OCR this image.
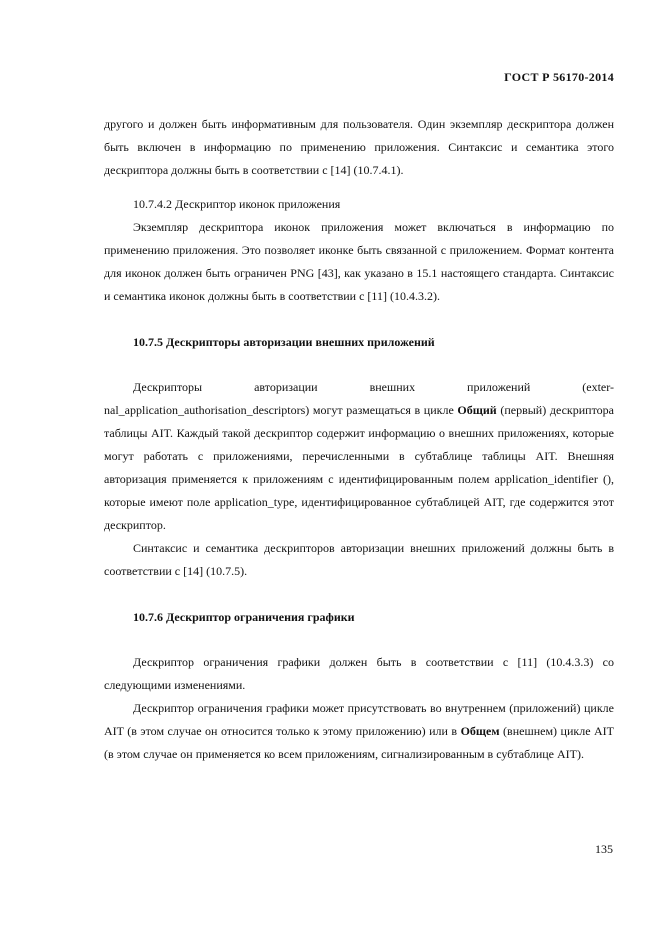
ГОСТ Р 56170-2014

другого и должен быть информативным для пользователя. Один экземпляр дескриптора должен быть включен в информацию по применению приложения. Синтаксис и семантика этого дескриптора должны быть в соответствии с [14] (10.7.4.1).

10.7.4.2 Дескриптор иконок приложения

Экземпляр дескриптора иконок приложения может включаться в информацию по применению приложения. Это позволяет иконке быть связанной с приложением. Формат контента для иконок должен быть ограничен PNG [43], как указано в 15.1 настоящего стандарта. Синтаксис и семантика иконок должны быть в соответствии с [11] (10.4.3.2).

10.7.5 Дескрипторы авторизации внешних приложений

Дескрипторы авторизации внешних приложений (exter-

nal_application_authorisation_descriptors) могут размещаться в цикле Общий (первый) дескриптора таблицы AIT. Каждый такой дескриптор содержит информацию о внешних приложениях, которые могут работать с приложениями, перечисленными в субтаблице таблицы AIT. Внешняя авторизация применяется к приложениям с идентифицированным полем application_identifier (), которые имеют поле application_type, идентифицированное субтаблицей AIT, где содержится этот дескриптор.

Синтаксис и семантика дескрипторов авторизации внешних приложений должны быть в соответствии с [14] (10.7.5).

10.7.6 Дескриптор ограничения графики

Дескриптор ограничения графики должен быть в соответствии с [11] (10.4.3.3) со следующими изменениями.

Дескриптор ограничения графики может присутствовать во внутреннем (приложений) цикле AIT (в этом случае он относится только к этому приложению) или в Общем (внешнем) цикле AIT (в этом случае он применяется ко всем приложениям, сигнализированным в субтаблице AIT).

135
